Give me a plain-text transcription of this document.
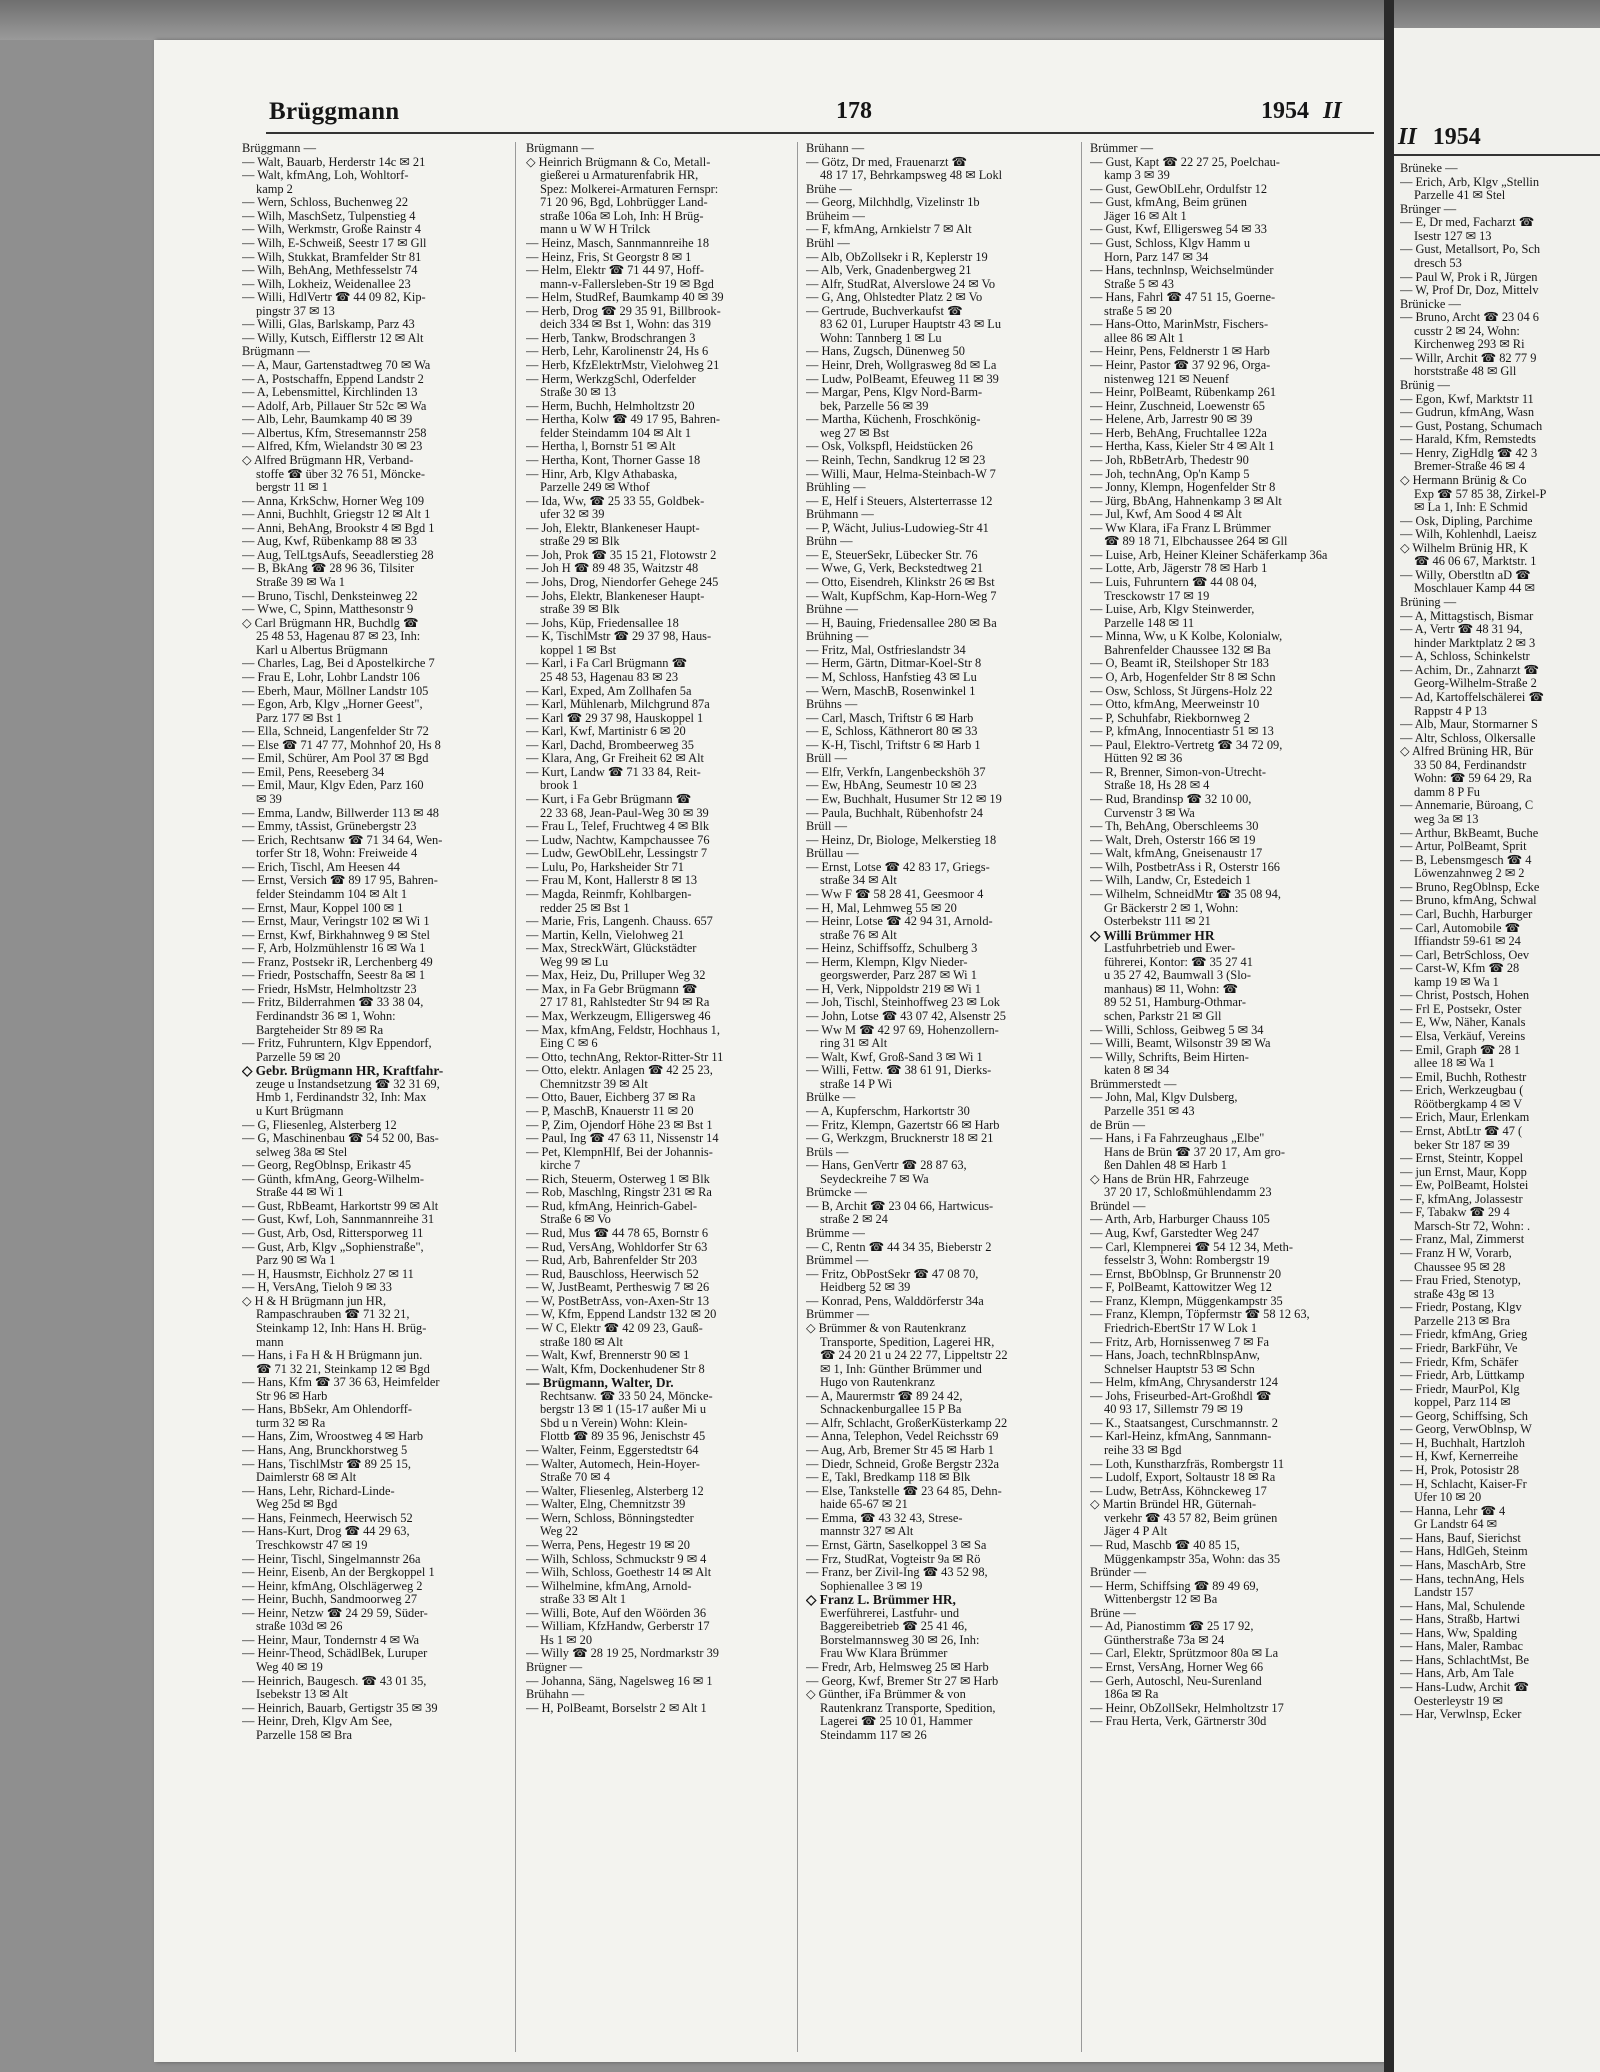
Brüggmann	178	1954 II
Brüggmann —
— Walt, Bauarb, Herderstr 14c ✉ 21
— Walt, kfmAng, Loh, Wohltorf-
kamp 2
— Wern, Schloss, Buchenweg 22
— Wilh, MaschSetz, Tulpenstieg 4
— Wilh, Werkmstr, Große Rainstr 4
— Wilh, E-Schweiß, Seestr 17 ✉ Gll
— Wilh, Stukkat, Bramfelder Str 81
— Wilh, BehAng, Methfesselstr 74
— Wilh, Lokheiz, Weidenallee 23
— Willi, HdlVertr ☎ 44 09 82, Kip-
pingstr 37 ✉ 13
— Willi, Glas, Barlskamp, Parz 43
— Willy, Kutsch, Eifflerstr 12 ✉ Alt
Brügmann —
— A, Maur, Gartenstadtweg 70 ✉ Wa
— A, Postschaffn, Eppend Landstr 2
— A, Lebensmittel, Kirchlinden 13
— Adolf, Arb, Pillauer Str 52c ✉ Wa
— Alb, Lehr, Baumkamp 40 ✉ 39
— Albertus, Kfm, Stresemannstr 258
— Alfred, Kfm, Wielandstr 30 ✉ 23
◇ Alfred Brügmann HR, Verband-
stoffe ☎ über 32 76 51, Möncke-
bergstr 11 ✉ 1
— Anna, KrkSchw, Horner Weg 109
— Anni, Buchhlt, Griegstr 12 ✉ Alt 1
— Anni, BehAng, Brookstr 4 ✉ Bgd 1
— Aug, Kwf, Rübenkamp 88 ✉ 33
— Aug, TelLtgsAufs, Seeadlerstieg 28
— B, BkAng ☎ 28 96 36, Tilsiter
Straße 39 ✉ Wa 1
— Bruno, Tischl, Denksteinweg 22
— Wwe, C, Spinn, Matthesonstr 9
◇ Carl Brügmann HR, Buchdlg ☎
25 48 53, Hagenau 87 ✉ 23, Inh:
Karl u Albertus Brügmann
— Charles, Lag, Bei d Apostelkirche 7
— Frau E, Lohr, Lohbr Landstr 106
— Eberh, Maur, Möllner Landstr 105
— Egon, Arb, Klgv „Horner Geest",
Parz 177 ✉ Bst 1
— Ella, Schneid, Langenfelder Str 72
— Else ☎ 71 47 77, Mohnhof 20, Hs 8
— Emil, Schürer, Am Pool 37 ✉ Bgd
— Emil, Pens, Reeseberg 34
— Emil, Maur, Klgv Eden, Parz 160
✉ 39
— Emma, Landw, Billwerder 113 ✉ 48
— Emmy, tAssist, Grünebergstr 23
— Erich, Rechtsanw ☎ 71 34 64, Wen-
torfer Str 18, Wohn: Freiweide 4
— Erich, Tischl, Am Heesen 44
— Ernst, Versich ☎ 89 17 95, Bahren-
felder Steindamm 104 ✉ Alt 1
— Ernst, Maur, Koppel 100 ✉ 1
— Ernst, Maur, Veringstr 102 ✉ Wi 1
— Ernst, Kwf, Birkhahnweg 9 ✉ Stel
— F, Arb, Holzmühlenstr 16 ✉ Wa 1
— Franz, Postsekr iR, Lerchenberg 49
— Friedr, Postschaffn, Seestr 8a ✉ 1
— Friedr, HsMstr, Helmholtzstr 23
— Fritz, Bilderrahmen ☎ 33 38 04,
Ferdinandstr 36 ✉ 1, Wohn:
Bargteheider Str 89 ✉ Ra
— Fritz, Fuhruntern, Klgv Eppendorf,
Parzelle 59 ✉ 20
◇ Gebr. Brügmann HR, Kraftfahr-
zeuge u Instandsetzung ☎ 32 31 69,
Hmb 1, Ferdinandstr 32, Inh: Max
u Kurt Brügmann
— G, Fliesenleg, Alsterberg 12
— G, Maschinenbau ☎ 54 52 00, Bas-
selweg 38a ✉ Stel
— Georg, RegOblnsp, Erikastr 45
— Günth, kfmAng, Georg-Wilhelm-
Straße 44 ✉ Wi 1
— Gust, RbBeamt, Harkortstr 99 ✉ Alt
— Gust, Kwf, Loh, Sannmannreihe 31
— Gust, Arb, Osd, Rittersporweg 11
— Gust, Arb, Klgv „Sophienstraße",
Parz 90 ✉ Wa 1
— H, Hausmstr, Eichholz 27 ✉ 11
— H, VersAng, Tieloh 9 ✉ 33
◇ H & H Brügmann jun HR,
Rampaschrauben ☎ 71 32 21,
Steinkamp 12, Inh: Hans H. Brüg-
mann
— Hans, i Fa H & H Brügmann jun.
☎ 71 32 21, Steinkamp 12 ✉ Bgd
— Hans, Kfm ☎ 37 36 63, Heimfelder
Str 96 ✉ Harb
— Hans, BbSekr, Am Ohlendorff-
turm 32 ✉ Ra
— Hans, Zim, Wroostweg 4 ✉ Harb
— Hans, Ang, Brunckhorstweg 5
— Hans, TischlMstr ☎ 89 25 15,
Daimlerstr 68 ✉ Alt
— Hans, Lehr, Richard-Linde-
Weg 25d ✉ Bgd
— Hans, Feinmech, Heerwisch 52
— Hans-Kurt, Drog ☎ 44 29 63,
Treschkowstr 47 ✉ 19
— Heinr, Tischl, Singelmannstr 26a
— Heinr, Eisenb, An der Bergkoppel 1
— Heinr, kfmAng, Olschlägerweg 2
— Heinr, Buchh, Sandmoorweg 27
— Heinr, Netzw ☎ 24 29 59, Süder-
straße 103d ✉ 26
— Heinr, Maur, Tondernstr 4 ✉ Wa
— Heinr-Theod, SchädlBek, Luruper
Weg 40 ✉ 19
— Heinrich, Baugesch. ☎ 43 01 35,
Isebekstr 13 ✉ Alt
— Heinrich, Bauarb, Gertigstr 35 ✉ 39
— Heinr, Dreh, Klgv Am See,
Parzelle 158 ✉ Bra
Brügmann —
◇ Heinrich Brügmann & Co, Metall-
gießerei u Armaturenfabrik HR,
Spez: Molkerei-Armaturen Fernspr:
71 20 96, Bgd, Lohbrügger Land-
straße 106a ✉ Loh, Inh: H Brüg-
mann u W W H Trilck
— Heinz, Masch, Sannmannreihe 18
— Heinz, Fris, St Georgstr 8 ✉ 1
— Helm, Elektr ☎ 71 44 97, Hoff-
mann-v-Fallersleben-Str 19 ✉ Bgd
— Helm, StudRef, Baumkamp 40 ✉ 39
— Herb, Drog ☎ 29 35 91, Billbrook-
deich 334 ✉ Bst 1, Wohn: das 319
— Herb, Tankw, Brodschrangen 3
— Herb, Lehr, Karolinenstr 24, Hs 6
— Herb, KfzElektrMstr, Vielohweg 21
— Herm, WerkzgSchl, Oderfelder
Straße 30 ✉ 13
— Herm, Buchh, Helmholtzstr 20
— Hertha, Kolw ☎ 49 17 95, Bahren-
felder Steindamm 104 ✉ Alt 1
— Hertha, l, Bornstr 51 ✉ Alt
— Hertha, Kont, Thorner Gasse 18
— Hinr, Arb, Klgv Athabaska,
Parzelle 249 ✉ Wthof
— Ida, Ww, ☎ 25 33 55, Goldbek-
ufer 32 ✉ 39
— Joh, Elektr, Blankeneser Haupt-
straße 29 ✉ Blk
— Joh, Prok ☎ 35 15 21, Flotowstr 2
— Joh H ☎ 89 48 35, Waitzstr 48
— Johs, Drog, Niendorfer Gehege 245
— Johs, Elektr, Blankeneser Haupt-
straße 39 ✉ Blk
— Johs, Küp, Friedensallee 18
— K, TischlMstr ☎ 29 37 98, Haus-
koppel 1 ✉ Bst
— Karl, i Fa Carl Brügmann ☎
25 48 53, Hagenau 83 ✉ 23
— Karl, Exped, Am Zollhafen 5a
— Karl, Mühlenarb, Milchgrund 87a
— Karl ☎ 29 37 98, Hauskoppel 1
— Karl, Kwf, Martinistr 6 ✉ 20
— Karl, Dachd, Brombeerweg 35
— Klara, Ang, Gr Freiheit 62 ✉ Alt
— Kurt, Landw ☎ 71 33 84, Reit-
brook 1
— Kurt, i Fa Gebr Brügmann ☎
22 33 68, Jean-Paul-Weg 30 ✉ 39
— Frau L, Telef, Fruchtweg 4 ✉ Blk
— Ludw, Nachtw, Kampchaussee 76
— Ludw, GewOblLehr, Lessingstr 7
— Lulu, Po, Harksheider Str 71
— Frau M, Kont, Hallerstr 8 ✉ 13
— Magda, Reinmfr, Kohlbargen-
redder 25 ✉ Bst 1
— Marie, Fris, Langenh. Chauss. 657
— Martin, Kelln, Vielohweg 21
— Max, StreckWärt, Glückstädter
Weg 99 ✉ Lu
— Max, Heiz, Du, Prilluper Weg 32
— Max, in Fa Gebr Brügmann ☎
27 17 81, Rahlstedter Str 94 ✉ Ra
— Max, Werkzeugm, Elligersweg 46
— Max, kfmAng, Feldstr, Hochhaus 1,
Eing C ✉ 6
— Otto, technAng, Rektor-Ritter-Str 11
— Otto, elektr. Anlagen ☎ 42 25 23,
Chemnitzstr 39 ✉ Alt
— Otto, Bauer, Eichberg 37 ✉ Ra
— P, MaschB, Knauerstr 11 ✉ 20
— P, Zim, Ojendorf Höhe 23 ✉ Bst 1
— Paul, Ing ☎ 47 63 11, Nissenstr 14
— Pet, KlempnHlf, Bei der Johannis-
kirche 7
— Rich, Steuerm, Osterweg 1 ✉ Blk
— Rob, Maschlng, Ringstr 231 ✉ Ra
— Rud, kfmAng, Heinrich-Gabel-
Straße 6 ✉ Vo
— Rud, Mus ☎ 44 78 65, Bornstr 6
— Rud, VersAng, Wohldorfer Str 63
— Rud, Arb, Bahrenfelder Str 203
— Rud, Bauschloss, Heerwisch 52
— W, JustBeamt, Pertheswig 7 ✉ 26
— W, PostBetrAss, von-Axen-Str 13
— W, Kfm, Eppend Landstr 132 ✉ 20
— W C, Elektr ☎ 42 09 23, Gauß-
straße 180 ✉ Alt
— Walt, Kwf, Brennerstr 90 ✉ 1
— Walt, Kfm, Dockenhudener Str 8
— Brügmann, Walter, Dr.
Rechtsanw. ☎ 33 50 24, Möncke-
bergstr 13 ✉ 1 (15-17 außer Mi u
Sbd u n Verein) Wohn: Klein-
Flottb ☎ 89 35 96, Jenischstr 45
— Walter, Feinm, Eggerstedtstr 64
— Walter, Automech, Hein-Hoyer-
Straße 70 ✉ 4
— Walter, Fliesenleg, Alsterberg 12
— Walter, Elng, Chemnitzstr 39
— Wern, Schloss, Bönningstedter
Weg 22
— Werra, Pens, Hegestr 19 ✉ 20
— Wilh, Schloss, Schmuckstr 9 ✉ 4
— Wilh, Schloss, Goethestr 14 ✉ Alt
— Wilhelmine, kfmAng, Arnold-
straße 33 ✉ Alt 1
— Willi, Bote, Auf den Wöörden 36
— William, KfzHandw, Gerberstr 17
Hs 1 ✉ 20
— Willy ☎ 28 19 25, Nordmarkstr 39
Brügner —
— Johanna, Säng, Nagelsweg 16 ✉ 1
Brühahn —
— H, PolBeamt, Borselstr 2 ✉ Alt 1
Brühann —
— Götz, Dr med, Frauenarzt ☎
48 17 17, Behrkampsweg 48 ✉ Lokl
Brühe —
— Georg, Milchhdlg, Vizelinstr 1b
Brüheim —
— F, kfmAng, Arnkielstr 7 ✉ Alt
Brühl —
— Alb, ObZollsekr i R, Keplerstr 19
— Alb, Verk, Gnadenbergweg 21
— Alfr, StudRat, Alverslowe 24 ✉ Vo
— G, Ang, Ohlstedter Platz 2 ✉ Vo
— Gertrude, Buchverkaufst ☎
83 62 01, Luruper Hauptstr 43 ✉ Lu
Wohn: Tannberg 1 ✉ Lu
— Hans, Zugsch, Dünenweg 50
— Heinr, Dreh, Wollgrasweg 8d ✉ La
— Ludw, PolBeamt, Efeuweg 11 ✉ 39
— Margar, Pens, Klgv Nord-Barm-
bek, Parzelle 56 ✉ 39
— Martha, Küchenh, Froschkönig-
weg 27 ✉ Bst
— Osk, Volkspfl, Heidstücken 26
— Reinh, Techn, Sandkrug 12 ✉ 23
— Willi, Maur, Helma-Steinbach-W 7
Brühling —
— E, Helf i Steuers, Alsterterrasse 12
Brühmann —
— P, Wächt, Julius-Ludowieg-Str 41
Brühn —
— E, SteuerSekr, Lübecker Str. 76
— Wwe, G, Verk, Beckstedtweg 21
— Otto, Eisendreh, Klinkstr 26 ✉ Bst
— Walt, KupfSchm, Kap-Horn-Weg 7
Brühne —
— H, Bauing, Friedensallee 280 ✉ Ba
Brühning —
— Fritz, Mal, Ostfrieslandstr 34
— Herm, Gärtn, Ditmar-Koel-Str 8
— M, Schloss, Hanfstieg 43 ✉ Lu
— Wern, MaschB, Rosenwinkel 1
Brühns —
— Carl, Masch, Triftstr 6 ✉ Harb
— E, Schloss, Käthnerort 80 ✉ 33
— K-H, Tischl, Triftstr 6 ✉ Harb 1
Brüll —
— Elfr, Verkfn, Langenbeckshöh 37
— Ew, HbAng, Seumestr 10 ✉ 23
— Ew, Buchhalt, Husumer Str 12 ✉ 19
— Paula, Buchhalt, Rübenhofstr 24
Brüll —
— Heinz, Dr, Biologe, Melkerstieg 18
Brüllau —
— Ernst, Lotse ☎ 42 83 17, Griegs-
straße 34 ✉ Alt
— Ww F ☎ 58 28 41, Geesmoor 4
— H, Mal, Lehmweg 55 ✉ 20
— Heinr, Lotse ☎ 42 94 31, Arnold-
straße 76 ✉ Alt
— Heinz, Schiffsoffz, Schulberg 3
— Herm, Klempn, Klgv Nieder-
georgswerder, Parz 287 ✉ Wi 1
— H, Verk, Nippoldstr 219 ✉ Wi 1
— Joh, Tischl, Steinhoffweg 23 ✉ Lok
— John, Lotse ☎ 43 07 42, Alsenstr 25
— Ww M ☎ 42 97 69, Hohenzollern-
ring 31 ✉ Alt
— Walt, Kwf, Groß-Sand 3 ✉ Wi 1
— Willi, Fettw. ☎ 38 61 91, Dierks-
straße 14 P Wi
Brülke —
— A, Kupferschm, Harkortstr 30
— Fritz, Klempn, Gazertstr 66 ✉ Harb
— G, Werkzgm, Brucknerstr 18 ✉ 21
Brüls —
— Hans, GenVertr ☎ 28 87 63,
Seydeckreihe 7 ✉ Wa
Brümcke —
— B, Archit ☎ 23 04 66, Hartwicus-
straße 2 ✉ 24
Brümme —
— C, Rentn ☎ 44 34 35, Bieberstr 2
Brümmel —
— Fritz, ObPostSekr ☎ 47 08 70,
Heidberg 52 ✉ 39
— Konrad, Pens, Walddörferstr 34a
Brümmer —
◇ Brümmer & von Rautenkranz
Transporte, Spedition, Lagerei HR,
☎ 24 20 21 u 24 22 77, Lippeltstr 22
✉ 1, Inh: Günther Brümmer und
Hugo von Rautenkranz
— A, Maurermstr ☎ 89 24 42,
Schnackenburgallee 15 P Ba
— Alfr, Schlacht, GroßerKüsterkamp 22
— Anna, Telephon, Vedel Reichsstr 69
— Aug, Arb, Bremer Str 45 ✉ Harb 1
— Diedr, Schneid, Große Bergstr 232a
— E, Takl, Bredkamp 118 ✉ Blk
— Else, Tankstelle ☎ 23 64 85, Dehn-
haide 65-67 ✉ 21
— Emma, ☎ 43 32 43, Strese-
mannstr 327 ✉ Alt
— Ernst, Gärtn, Saselkoppel 3 ✉ Sa
— Frz, StudRat, Vogteistr 9a ✉ Rö
— Franz, ber Zivil-Ing ☎ 43 52 98,
Sophienallee 3 ✉ 19
◇ Franz L. Brümmer HR,
Ewerführerei, Lastfuhr- und
Baggereibetrieb ☎ 25 41 46,
Borstelmannsweg 30 ✉ 26, Inh:
Frau Ww Klara Brümmer
— Fredr, Arb, Helmsweg 25 ✉ Harb
— Georg, Kwf, Bremer Str 27 ✉ Harb
◇ Günther, iFa Brümmer & von
Rautenkranz Transporte, Spedition,
Lagerei ☎ 25 10 01, Hammer
Steindamm 117 ✉ 26
Brümmer —
— Gust, Kapt ☎ 22 27 25, Poelchau-
kamp 3 ✉ 39
— Gust, GewOblLehr, Ordulfstr 12
— Gust, kfmAng, Beim grünen
Jäger 16 ✉ Alt 1
— Gust, Kwf, Elligersweg 54 ✉ 33
— Gust, Schloss, Klgv Hamm u
Horn, Parz 147 ✉ 34
— Hans, technlnsp, Weichselmünder
Straße 5 ✉ 43
— Hans, Fahrl ☎ 47 51 15, Goerne-
straße 5 ✉ 20
— Hans-Otto, MarinMstr, Fischers-
allee 86 ✉ Alt 1
— Heinr, Pens, Feldnerstr 1 ✉ Harb
— Heinr, Pastor ☎ 37 92 96, Orga-
nistenweg 121 ✉ Neuenf
— Heinr, PolBeamt, Rübenkamp 261
— Heinr, Zuschneid, Loewenstr 65
— Helene, Arb, Jarrestr 90 ✉ 39
— Herb, BehAng, Fruchtallee 122a
— Hertha, Kass, Kieler Str 4 ✉ Alt 1
— Joh, RbBetrArb, Thedestr 90
— Joh, technAng, Op'n Kamp 5
— Jonny, Klempn, Hogenfelder Str 8
— Jürg, BbAng, Hahnenkamp 3 ✉ Alt
— Jul, Kwf, Am Sood 4 ✉ Alt
— Ww Klara, iFa Franz L Brümmer
☎ 89 18 71, Elbchaussee 264 ✉ Gll
— Luise, Arb, Heiner Kleiner Schäferkamp 36a
— Lotte, Arb, Jägerstr 78 ✉ Harb 1
— Luis, Fuhruntern ☎ 44 08 04,
Tresckowstr 17 ✉ 19
— Luise, Arb, Klgv Steinwerder,
Parzelle 148 ✉ 11
— Minna, Ww, u K Kolbe, Kolonialw,
Bahrenfelder Chaussee 132 ✉ Ba
— O, Beamt iR, Steilshoper Str 183
— O, Arb, Hogenfelder Str 8 ✉ Schn
— Osw, Schloss, St Jürgens-Holz 22
— Otto, kfmAng, Meerweinstr 10
— P, Schuhfabr, Riekbornweg 2
— P, kfmAng, Innocentiastr 51 ✉ 13
— Paul, Elektro-Vertretg ☎ 34 72 09,
Hütten 92 ✉ 36
— R, Brenner, Simon-von-Utrecht-
Straße 18, Hs 28 ✉ 4
— Rud, Brandinsp ☎ 32 10 00,
Curvenstr 3 ✉ Wa
— Th, BehAng, Oberschleems 30
— Walt, Dreh, Osterstr 166 ✉ 19
— Walt, kfmAng, Gneisenaustr 17
— Wilh, PostbetrAss i R, Osterstr 166
— Wilh, Landw, Cr, Estedeich 1
— Wilhelm, SchneidMtr ☎ 35 08 94,
Gr Bäckerstr 2 ✉ 1, Wohn:
Osterbekstr 111 ✉ 21
◇ Willi Brümmer HR
Lastfuhrbetrieb und Ewer-
führerei, Kontor: ☎ 35 27 41
u 35 27 42, Baumwall 3 (Slo-
manhaus) ✉ 11, Wohn: ☎
89 52 51, Hamburg-Othmar-
schen, Parkstr 21 ✉ Gll
— Willi, Schloss, Geibweg 5 ✉ 34
— Willi, Beamt, Wilsonstr 39 ✉ Wa
— Willy, Schrifts, Beim Hirten-
katen 8 ✉ 34
Brümmerstedt —
— John, Mal, Klgv Dulsberg,
Parzelle 351 ✉ 43
de Brün —
— Hans, i Fa Fahrzeughaus „Elbe"
Hans de Brün ☎ 37 20 17, Am gro-
ßen Dahlen 48 ✉ Harb 1
◇ Hans de Brün HR, Fahrzeuge
37 20 17, Schloßmühlendamm 23
Bründel —
— Arth, Arb, Harburger Chauss 105
— Aug, Kwf, Garstedter Weg 247
— Carl, Klempnerei ☎ 54 12 34, Meth-
fesselstr 3, Wohn: Rombergstr 19
— Ernst, BbOblnsp, Gr Brunnenstr 20
— F, PolBeamt, Kattowitzer Weg 12
— Franz, Klempn, Müggenkampstr 35
— Franz, Klempn, Töpfermstr ☎ 58 12 63,
Friedrich-EbertStr 17 W Lok 1
— Fritz, Arb, Hornissenweg 7 ✉ Fa
— Hans, Joach, technRblnspAnw,
Schnelser Hauptstr 53 ✉ Schn
— Helm, kfmAng, Chrysanderstr 124
— Johs, Friseurbed-Art-Großhdl ☎
40 93 17, Sillemstr 79 ✉ 19
— K., Staatsangest, Curschmannstr. 2
— Karl-Heinz, kfmAng, Sannmann-
reihe 33 ✉ Bgd
— Loth, Kunstharzfräs, Rombergstr 11
— Ludolf, Export, Soltaustr 18 ✉ Ra
— Ludw, BetrAss, Köhnckeweg 17
◇ Martin Bründel HR, Güternah-
verkehr ☎ 43 57 82, Beim grünen
Jäger 4 P Alt
— Rud, Maschb ☎ 40 85 15,
Müggenkampstr 35a, Wohn: das 35
Bründer —
— Herm, Schiffsing ☎ 89 49 69,
Wittenbergstr 12 ✉ Ba
Brüne —
— Ad, Pianostimm ☎ 25 17 92,
Güntherstraße 73a ✉ 24
— Carl, Elektr, Sprützmoor 80a ✉ La
— Ernst, VersAng, Horner Weg 66
— Gerh, Autoschl, Neu-Surenland
186a ✉ Ra
— Heinr, ObZollSekr, Helmholtzstr 17
— Frau Herta, Verk, Gärtnerstr 30d
II 1954
Brüneke —
— Erich, Arb, Klgv „Stellin
Parzelle 41 ✉ Stel
Brünger —
— E, Dr med, Facharzt ☎
Isestr 127 ✉ 13
— Gust, Metallsort, Po, Sch
dresch 53
— Paul W, Prok i R, Jürgen
— W, Prof Dr, Doz, Mittelv
Brünicke —
— Bruno, Archt ☎ 23 04 6
cusstr 2 ✉ 24, Wohn:
Kirchenweg 293 ✉ Ri
— Willr, Archit ☎ 82 77 9
horststraße 48 ✉ Gll
Brünig —
— Egon, Kwf, Marktstr 11
— Gudrun, kfmAng, Wasn
— Gust, Postang, Schumach
— Harald, Kfm, Remstedts
— Henry, ZigHdlg ☎ 42 3
Bremer-Straße 46 ✉ 4
◇ Hermann Brünig & Co
Exp ☎ 57 85 38, Zirkel-P
✉ La 1, Inh: E Schmid
— Osk, Dipling, Parchime
— Wilh, Kohlenhdl, Laeisz
◇ Wilhelm Brünig HR, K
☎ 46 06 67, Marktstr. 1
— Willy, Oberstltn aD ☎
Moschlauer Kamp 44 ✉
Brüning —
— A, Mittagstisch, Bismar
— A, Vertr ☎ 48 31 94,
hinder Marktplatz 2 ✉ 3
— A, Schloss, Schinkelstr
— Achim, Dr., Zahnarzt ☎
Georg-Wilhelm-Straße 2
— Ad, Kartoffelschälerei ☎
Rappstr 4 P 13
— Alb, Maur, Stormarner S
— Altr, Schloss, Olkersalle
◇ Alfred Brüning HR, Bür
33 50 84, Ferdinandstr
Wohn: ☎ 59 64 29, Ra
damm 8 P Fu
— Annemarie, Büroang, C
weg 3a ✉ 13
— Arthur, BkBeamt, Buche
— Artur, PolBeamt, Sprit
— B, Lebensmgesch ☎ 4
Löwenzahnweg 2 ✉ 2
— Bruno, RegOblnsp, Ecke
— Bruno, kfmAng, Schwal
— Carl, Buchh, Harburger
— Carl, Automobile ☎
Iffiandstr 59-61 ✉ 24
— Carl, BetrSchloss, Oev
— Carst-W, Kfm ☎ 28
kamp 19 ✉ Wa 1
— Christ, Postsch, Hohen
— Frl E, Postsekr, Oster
— E, Ww, Näher, Kanals
— Elsa, Verkäuf, Vereins
— Emil, Graph ☎ 28 1
allee 18 ✉ Wa 1
— Emil, Buchh, Rothestr
— Erich, Werkzeugbau (
Röötbergkamp 4 ✉ V
— Erich, Maur, Erlenkam
— Ernst, AbtLtr ☎ 47 (
beker Str 187 ✉ 39
— Ernst, Steintr, Koppel
— jun Ernst, Maur, Kopp
— Ew, PolBeamt, Holstei
— F, kfmAng, Jolassestr
— F, Tabakw ☎ 29 4
Marsch-Str 72, Wohn: .
— Franz, Mal, Zimmerst
— Franz H W, Vorarb,
Chaussee 95 ✉ 28
— Frau Fried, Stenotyp,
straße 43g ✉ 13
— Friedr, Postang, Klgv
Parzelle 213 ✉ Bra
— Friedr, kfmAng, Grieg
— Friedr, BarkFühr, Ve
— Friedr, Kfm, Schäfer
— Friedr, Arb, Lüttkamp
— Friedr, MaurPol, Klg
koppel, Parz 114 ✉
— Georg, Schiffsing, Sch
— Georg, VerwOblnsp, W
— H, Buchhalt, Hartzloh
— H, Kwf, Kernerreihe
— H, Prok, Potosistr 28
— H, Schlacht, Kaiser-Fr
Ufer 10 ✉ 20
— Hanna, Lehr ☎ 4
Gr Landstr 64 ✉
— Hans, Bauf, Sierichst
— Hans, HdlGeh, Steinm
— Hans, MaschArb, Stre
— Hans, technAng, Hels
Landstr 157
— Hans, Mal, Schulende
— Hans, Straßb, Hartwi
— Hans, Ww, Spalding
— Hans, Maler, Rambac
— Hans, SchlachtMst, Be
— Hans, Arb, Am Tale
— Hans-Ludw, Archit ☎
Oesterleystr 19 ✉
— Har, Verwlnsp, Ecker
